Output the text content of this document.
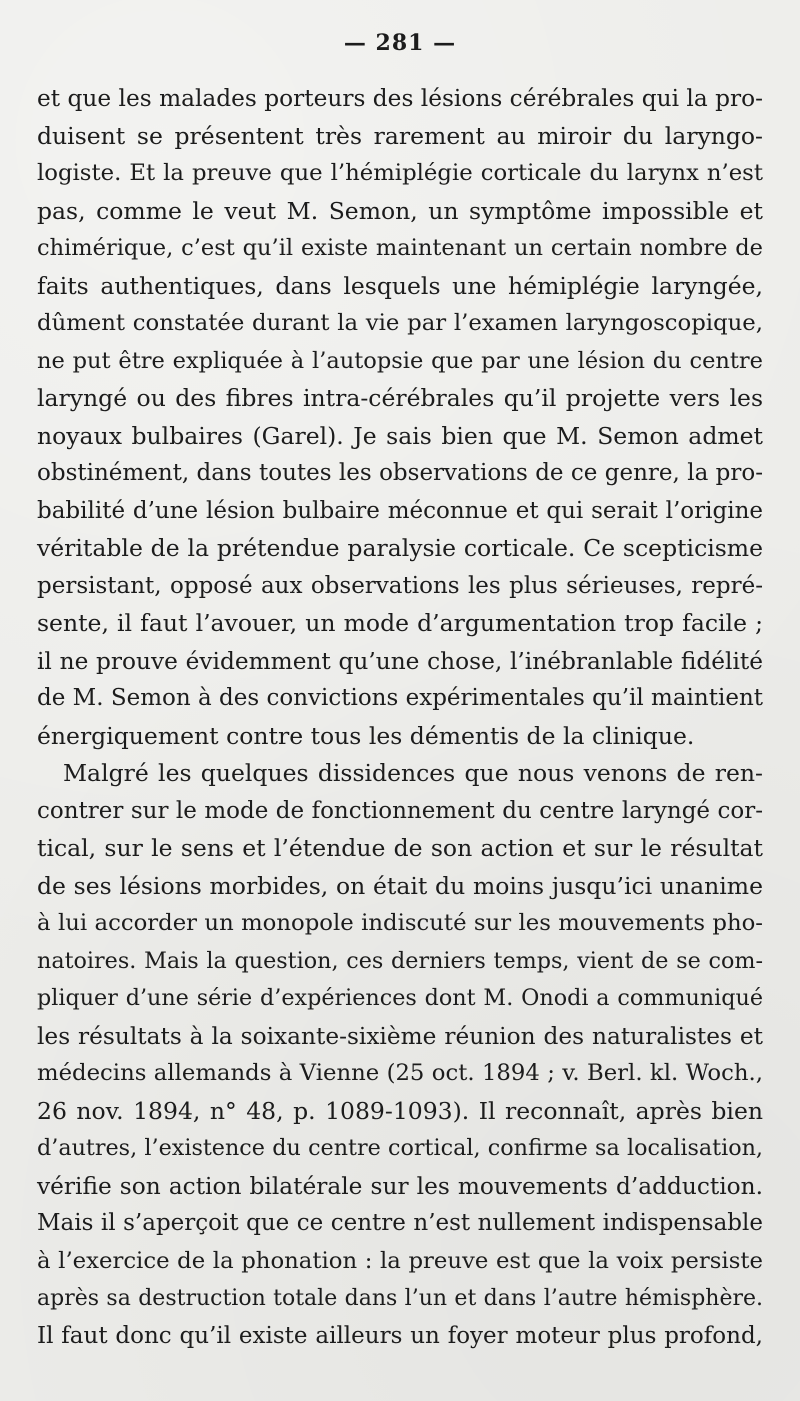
— 281 —
et que les malades porteurs des lésions cérébrales qui la pro-
duisent se présentent très rarement au miroir du laryngo-
logiste. Et la preuve que l’hémiplégie corticale du larynx n’est
pas, comme le veut M. Semon, un symptôme impossible et
chimérique, c’est qu’il existe maintenant un certain nombre de
faits authentiques, dans lesquels une hémiplégie laryngée,
dûment constatée durant la vie par l’examen laryngoscopique,
ne put être expliquée à l’autopsie que par une lésion du centre
laryngé ou des fibres intra-cérébrales qu’il projette vers les
noyaux bulbaires (Garel). Je sais bien que M. Semon admet
obstinément, dans toutes les observations de ce genre, la pro-
babilité d’une lésion bulbaire méconnue et qui serait l’origine
véritable de la prétendue paralysie corticale. Ce scepticisme
persistant, opposé aux observations les plus sérieuses, repré-
sente, il faut l’avouer, un mode d’argumentation trop facile ;
il ne prouve évidemment qu’une chose, l’inébranlable fidélité
de M. Semon à des convictions expérimentales qu’il maintient
énergiquement contre tous les démentis de la clinique.
Malgré les quelques dissidences que nous venons de ren-
contrer sur le mode de fonctionnement du centre laryngé cor-
tical, sur le sens et l’étendue de son action et sur le résultat
de ses lésions morbides, on était du moins jusqu’ici unanime
à lui accorder un monopole indiscuté sur les mouvements pho-
natoires. Mais la question, ces derniers temps, vient de se com-
pliquer d’une série d’expériences dont M. Onodi a communiqué
les résultats à la soixante-sixième réunion des naturalistes et
médecins allemands à Vienne (25 oct. 1894 ; v. Berl. kl. Woch.,
26 nov. 1894, n° 48, p. 1089-1093). Il reconnaît, après bien
d’autres, l’existence du centre cortical, confirme sa localisation,
vérifie son action bilatérale sur les mouvements d’adduction.
Mais il s’aperçoit que ce centre n’est nullement indispensable
à l’exercice de la phonation : la preuve est que la voix persiste
après sa destruction totale dans l’un et dans l’autre hémisphère.
Il faut donc qu’il existe ailleurs un foyer moteur plus profond,
